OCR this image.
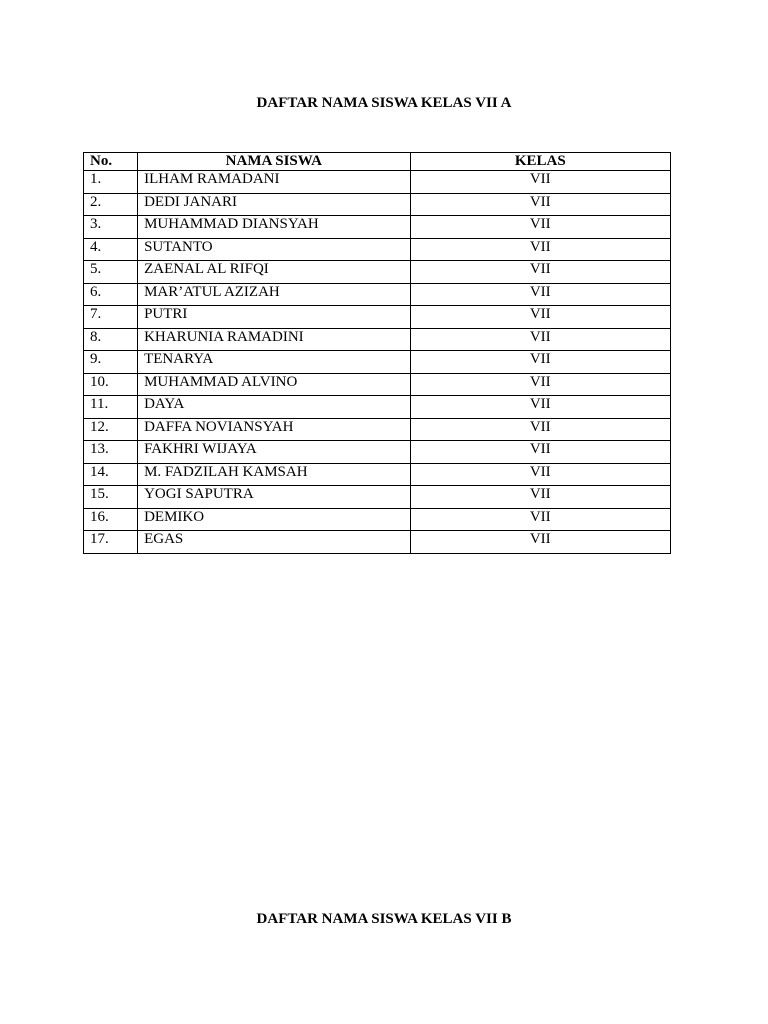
DAFTAR NAMA SISWA KELAS VII A
No.	NAMA SISWA	KELAS
1.	ILHAM RAMADANI	VII
2.	DEDI JANARI	VII
3.	MUHAMMAD DIANSYAH	VII
4.	SUTANTO	VII
5.	ZAENAL AL RIFQI	VII
6.	MAR’ATUL AZIZAH	VII
7.	PUTRI	VII
8.	KHARUNIA RAMADINI	VII
9.	TENARYA	VII
10.	MUHAMMAD ALVINO	VII
11.	DAYA	VII
12.	DAFFA NOVIANSYAH	VII
13.	FAKHRI WIJAYA	VII
14.	M. FADZILAH KAMSAH	VII
15.	YOGI SAPUTRA	VII
16.	DEMIKO	VII
17.	EGAS	VII
DAFTAR NAMA SISWA KELAS VII B
